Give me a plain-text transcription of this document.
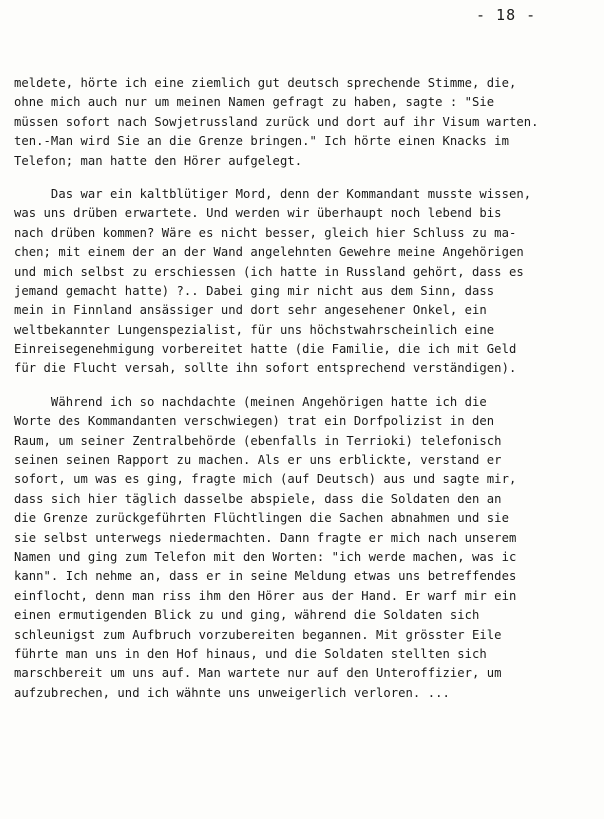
- 18 -
meldete, hörte ich eine ziemlich gut deutsch sprechende Stimme, die,
ohne mich auch nur um meinen Namen gefragt zu haben, sagte : "Sie
müssen sofort nach Sowjetrussland zurück und dort auf ihr Visum warten.
ten.-Man wird Sie an die Grenze bringen." Ich hörte einen Knacks im
Telefon; man hatte den Hörer aufgelegt.
Das war ein kaltblütiger Mord, denn der Kommandant musste wissen,
was uns drüben erwartete. Und werden wir überhaupt noch lebend bis
nach drüben kommen? Wäre es nicht besser, gleich hier Schluss zu ma-
chen; mit einem der an der Wand angelehnten Gewehre meine Angehörigen
und mich selbst zu erschiessen (ich hatte in Russland gehört, dass es
jemand gemacht hatte) ?.. Dabei ging mir nicht aus dem Sinn, dass
mein in Finnland ansässiger und dort sehr angesehener Onkel, ein
weltbekannter Lungenspezialist, für uns höchstwahrscheinlich eine
Einreisegenehmigung vorbereitet hatte (die Familie, die ich mit Geld
für die Flucht versah, sollte ihn sofort entsprechend verständigen).
Während ich so nachdachte (meinen Angehörigen hatte ich die
Worte des Kommandanten verschwiegen) trat ein Dorfpolizist in den
Raum, um seiner Zentralbehörde (ebenfalls in Terrioki) telefonisch
seinen seinen Rapport zu machen. Als er uns erblickte, verstand er
sofort, um was es ging, fragte mich (auf Deutsch) aus und sagte mir,
dass sich hier täglich dasselbe abspiele, dass die Soldaten den an
die Grenze zurückgeführten Flüchtlingen die Sachen abnahmen und sie
sie selbst unterwegs niedermachten. Dann fragte er mich nach unserem
Namen und ging zum Telefon mit den Worten: "ich werde machen, was ic
kann". Ich nehme an, dass er in seine Meldung etwas uns betreffendes
einflocht, denn man riss ihm den Hörer aus der Hand. Er warf mir ein
einen ermutigenden Blick zu und ging, während die Soldaten sich
schleunigst zum Aufbruch vorzubereiten begannen. Mit grösster Eile
führte man uns in den Hof hinaus, und die Soldaten stellten sich
marschbereit um uns auf. Man wartete nur auf den Unteroffizier, um
aufzubrechen, und ich wähnte uns unweigerlich verloren. ...
